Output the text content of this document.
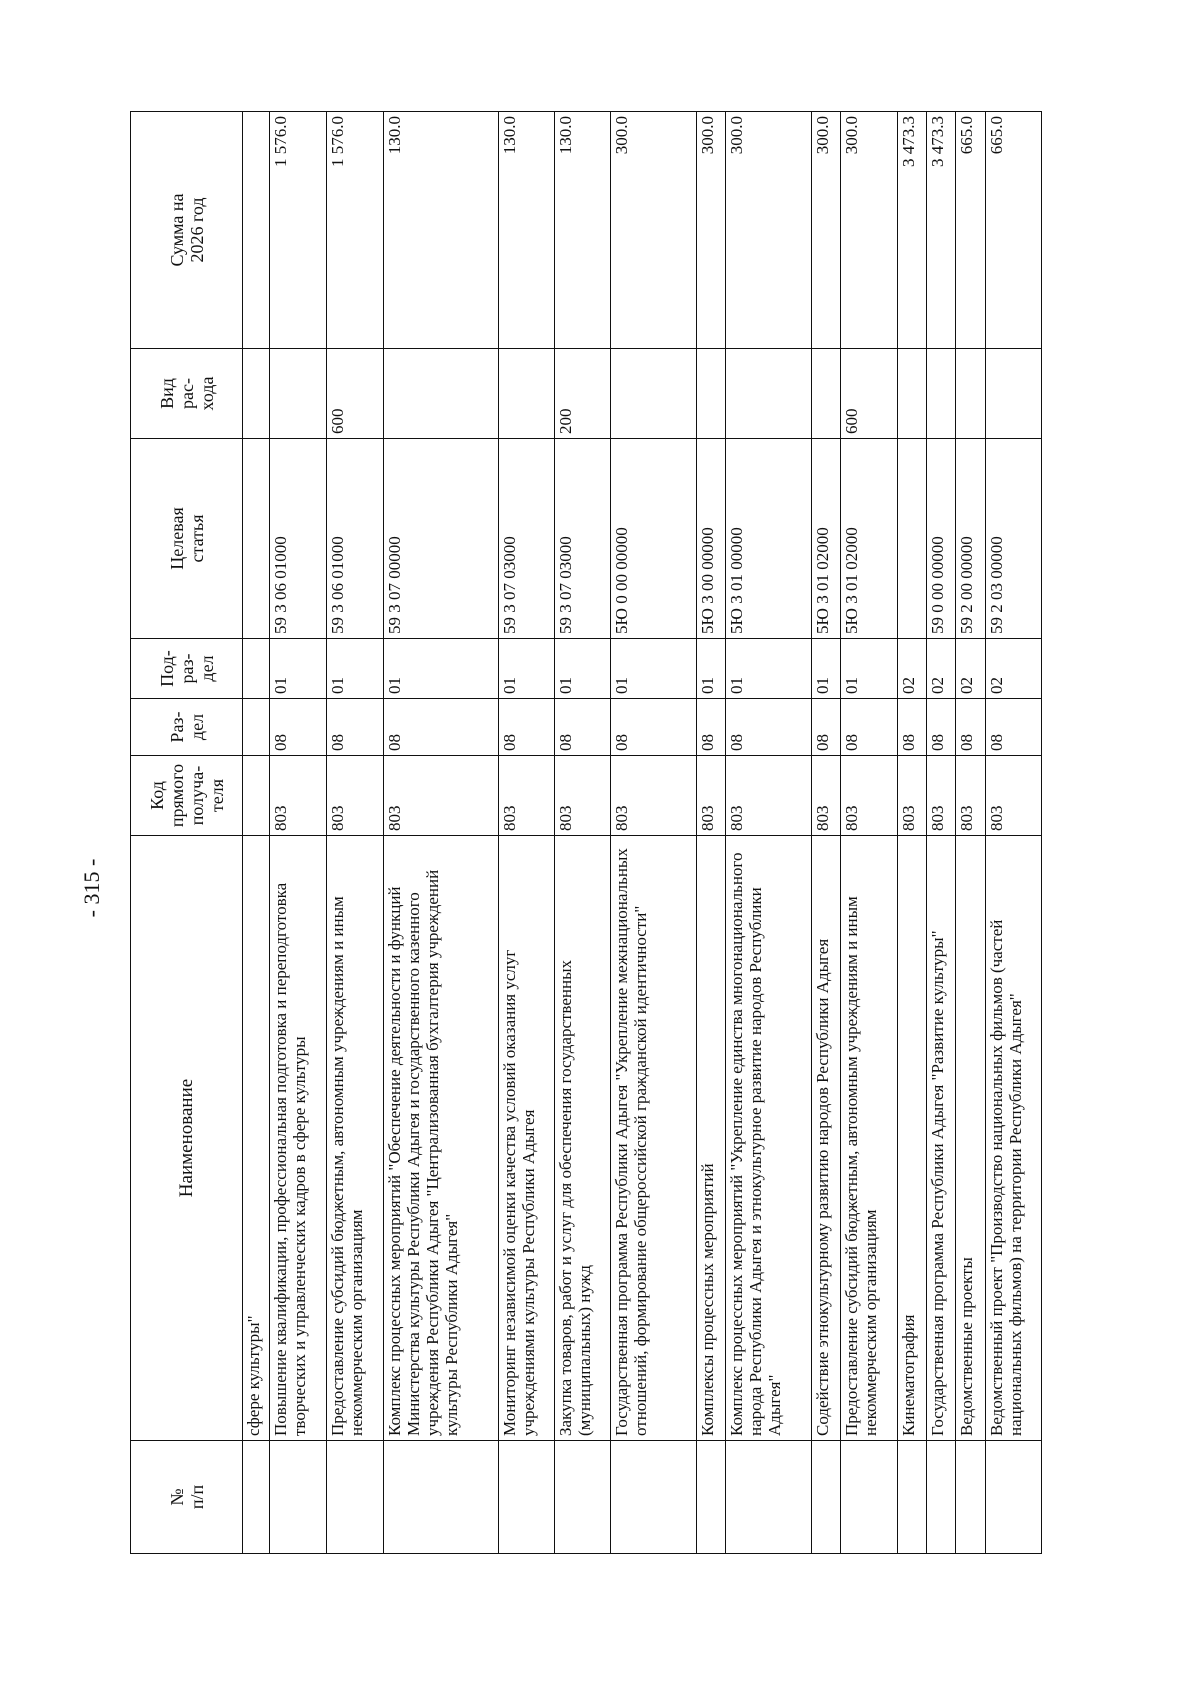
- 315 -
№
п/п	Наименование	Код
прямого
получа-
теля	Раз-
дел	Под-
раз-
дел	Целевая
статья	Вид
рас-
хода	Сумма на
2026 год
	сфере культуры"						
	Повышение квалификации, профессиональная подготовка и переподготовка творческих и управленческих кадров в сфере культуры	803	08	01	59 3 06 01000		1 576.0
	Предоставление субсидий бюджетным, автономным учреждениям и иным некоммерческим организациям	803	08	01	59 3 06 01000	600	1 576.0
	Комплекс процессных мероприятий "Обеспечение деятельности и функций Министерства культуры Республики Адыгея и государственного казенного учреждения Республики Адыгея "Централизованная бухгалтерия учреждений культуры Республики Адыгея"	803	08	01	59 3 07 00000		130.0
	Мониторинг независимой оценки качества условий оказания услуг учреждениями культуры Республики Адыгея	803	08	01	59 3 07 03000		130.0
	Закупка товаров, работ и услуг для обеспечения государственных (муниципальных) нужд	803	08	01	59 3 07 03000	200	130.0
	Государственная программа Республики Адыгея "Укрепление межнациональных отношений, формирование общероссийской гражданской идентичности"	803	08	01	5Ю 0 00 00000		300.0
	Комплексы процессных мероприятий	803	08	01	5Ю 3 00 00000		300.0
	Комплекс процессных мероприятий "Укрепление единства многонационального народа Республики Адыгея и этнокультурное развитие народов Республики Адыгея"	803	08	01	5Ю 3 01 00000		300.0
	Содействие этнокультурному развитию народов Республики Адыгея	803	08	01	5Ю 3 01 02000		300.0
	Предоставление субсидий бюджетным, автономным учреждениям и иным некоммерческим организациям	803	08	01	5Ю 3 01 02000	600	300.0
	Кинематография	803	08	02			3 473.3
	Государственная программа Республики Адыгея "Развитие культуры"	803	08	02	59 0 00 00000		3 473.3
	Ведомственные проекты	803	08	02	59 2 00 00000		665.0
	Ведомственный проект "Производство национальных фильмов (частей национальных фильмов) на территории Республики Адыгея"	803	08	02	59 2 03 00000		665.0
